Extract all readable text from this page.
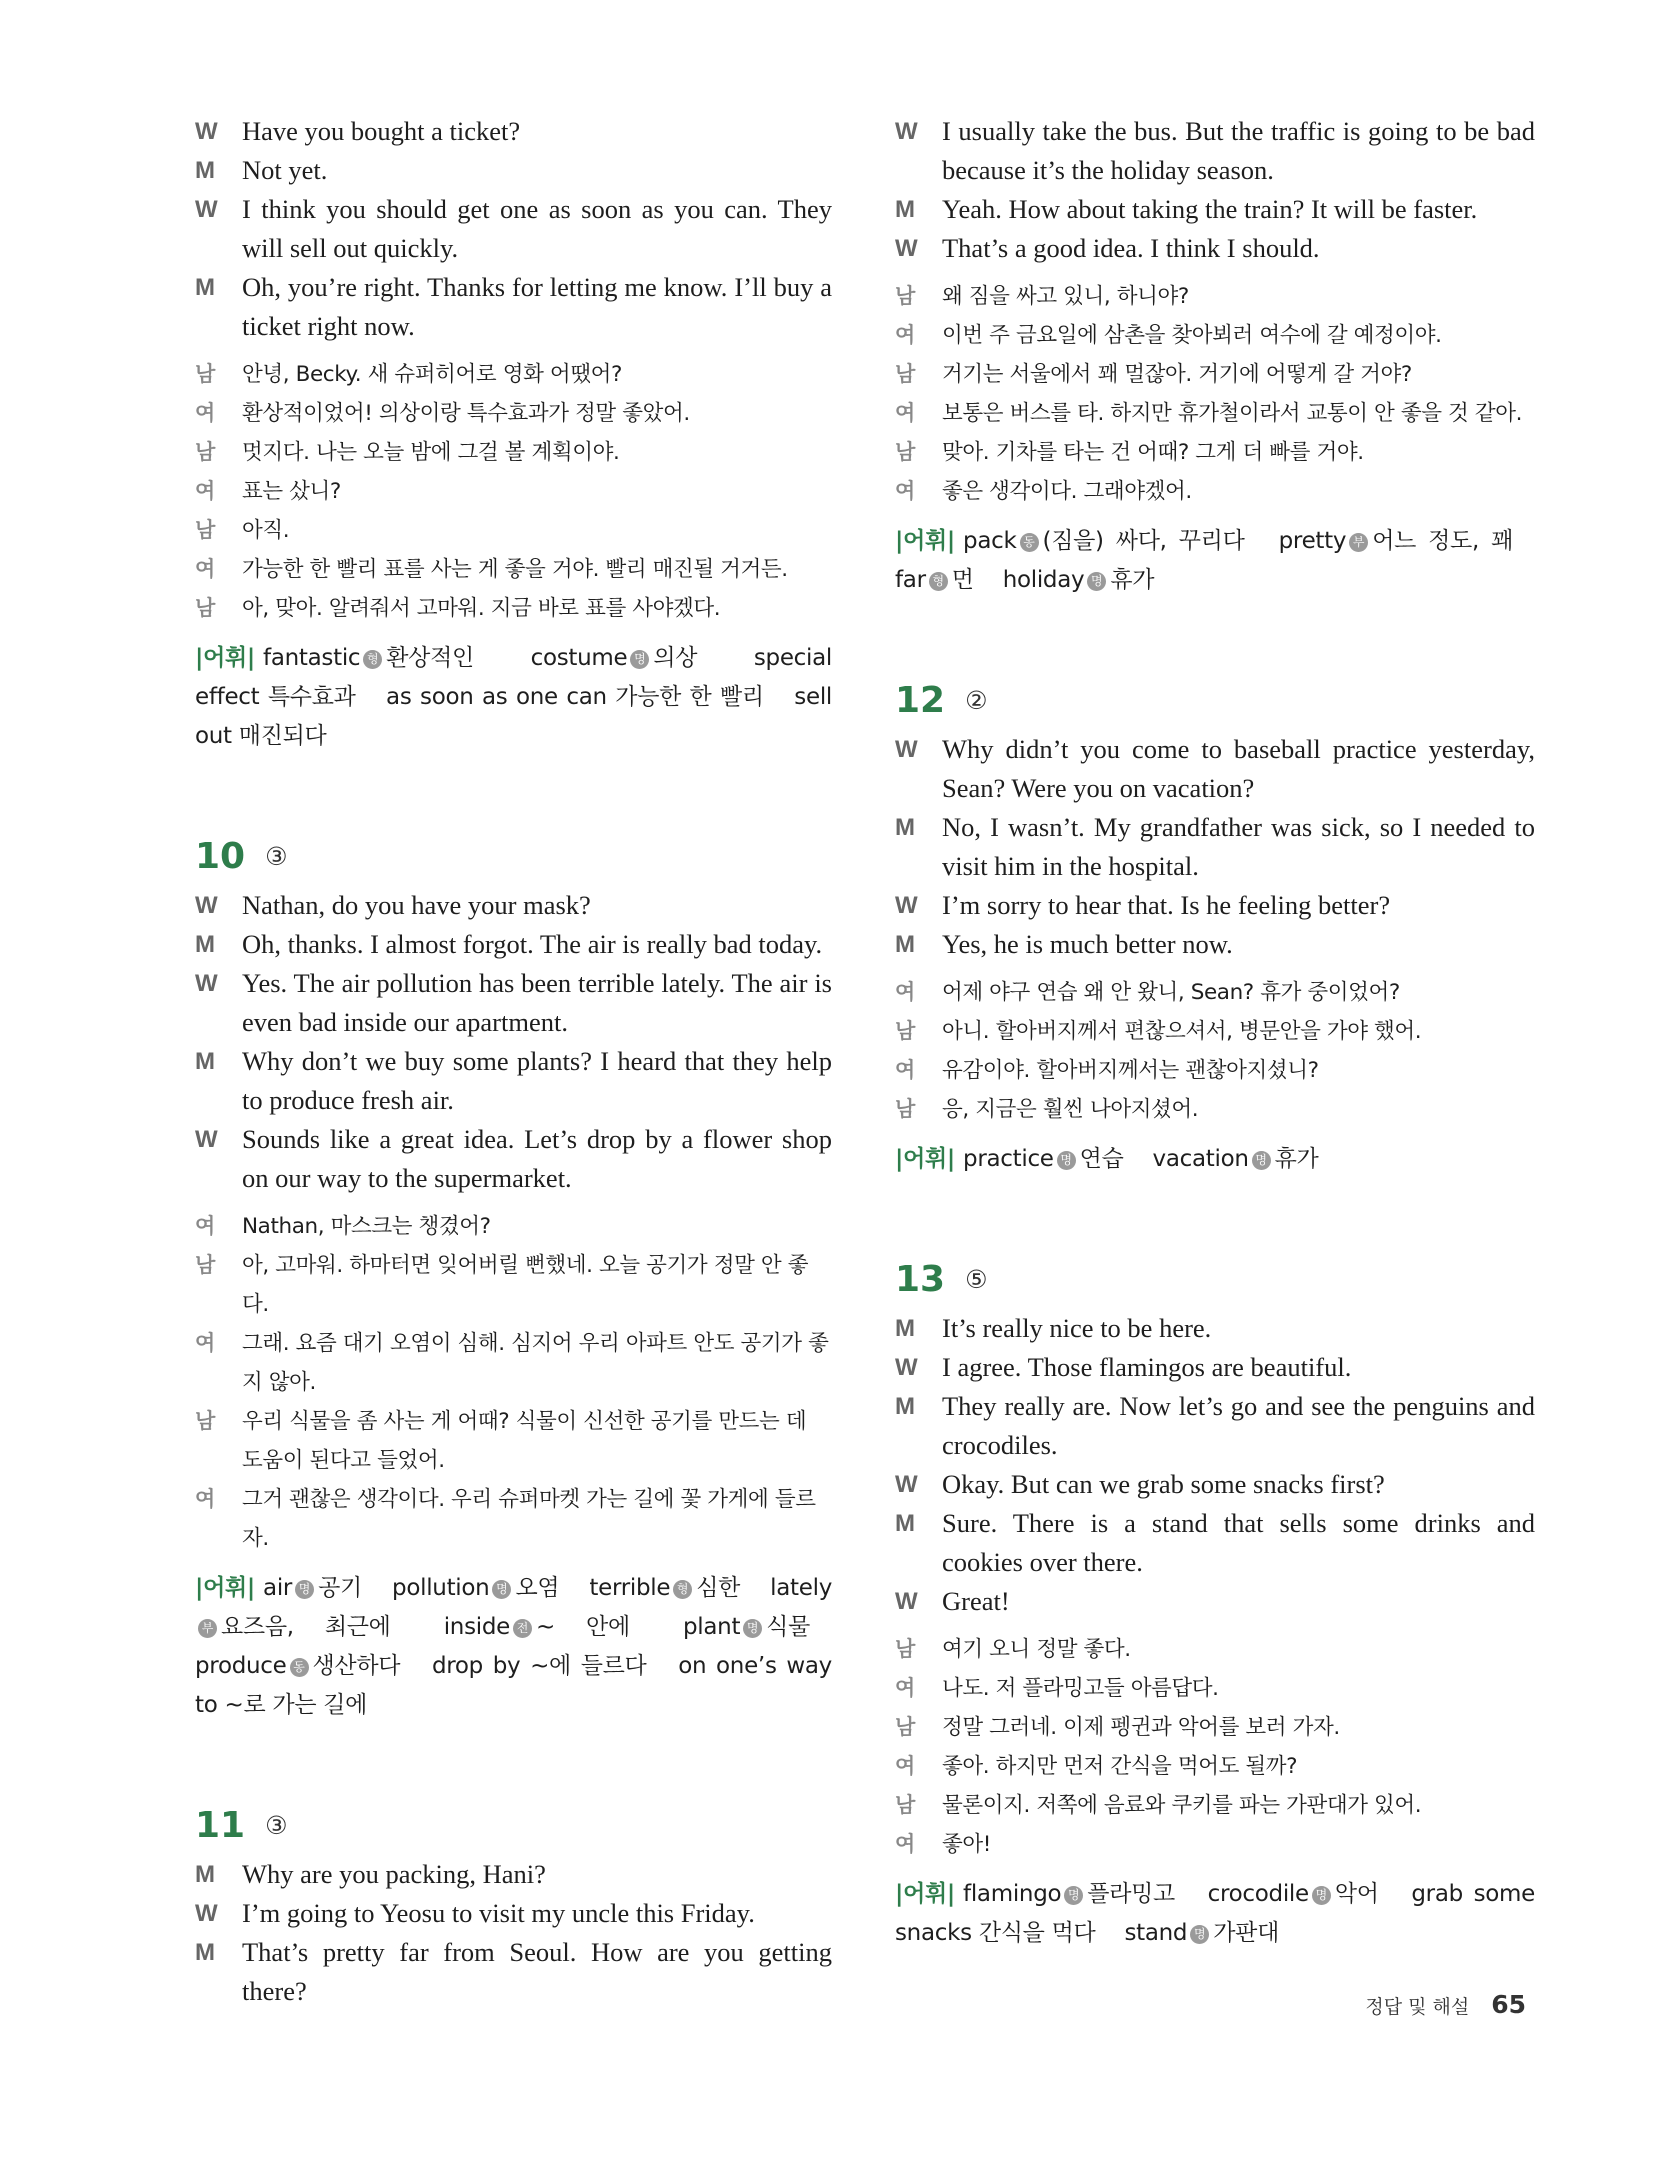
W Have you bought a ticket?
M	Not yet.
W I think you should get one as soon as you can. They will sell out quickly.
M	Oh, you’re right. Thanks for letting me know. I’ll buy a ticket right now.
남	안녕, Becky. 새 슈퍼히어로 영화 어땠어?
여	환상적이었어! 의상이랑 특수효과가 정말 좋았어.
남	멋지다. 나는 오늘 밤에 그걸 볼 계획이야.
여	표는 샀니?
남	아직.
여	가능한 한 빨리 표를 사는 게 좋을 거야. 빨리 매진될 거거든.
남	아, 맞아. 알려줘서 고마워. 지금 바로 표를 사야겠다.
|어휘| fantastic 형 환상적인 costume 명 의상 special effect 특수효과 as soon as one can 가능한 한 빨리 sell out 매진되다
10 ③
W Nathan, do you have your mask?
M	Oh, thanks. I almost forgot. The air is really bad today.
W Yes. The air pollution has been terrible lately. The air is even bad inside our apartment.
M	Why don’t we buy some plants? I heard that they help to produce fresh air.
W Sounds like a great idea. Let’s drop by a flower shop on our way to the supermarket.
여	Nathan, 마스크는 챙겼어?
남	아, 고마워. 하마터면 잊어버릴 뻔했네. 오늘 공기가 정말 안 좋다.
여	그래. 요즘 대기 오염이 심해. 심지어 우리 아파트 안도 공기가 좋지 않아.
남	우리 식물을 좀 사는 게 어때? 식물이 신선한 공기를 만드는 데 도움이 된다고 들었어.
여	그거 괜찮은 생각이다. 우리 슈퍼마켓 가는 길에 꽃 가게에 들르자.
|어휘| air 명 공기 pollution 명 오염 terrible 형 심한 lately부 요즈음, 최근에 inside 전 ~ 안에 plant 명 식물 produce 동 생산하다 drop by ~에 들르다 on one’s way to ~로 가는 길에
11 ③
M	Why are you packing, Hani?
W I’m going to Yeosu to visit my uncle this Friday.
M	That’s pretty far from Seoul. How are you getting there?
W I usually take the bus. But the traffic is going to be bad because it’s the holiday season.
M	Yeah. How about taking the train? It will be faster.
W That’s a good idea. I think I should.
남	왜 짐을 싸고 있니, 하니야?
여	이번 주 금요일에 삼촌을 찾아뵈러 여수에 갈 예정이야.
남	거기는 서울에서 꽤 멀잖아. 거기에 어떻게 갈 거야?
여	보통은 버스를 타. 하지만 휴가철이라서 교통이 안 좋을 것 같아.
남	맞아. 기차를 타는 건 어때? 그게 더 빠를 거야.
여	좋은 생각이다. 그래야겠어.
|어휘| pack 동 (짐을) 싸다, 꾸리다 pretty 부 어느 정도, 꽤 far 형 먼 holiday 명 휴가
12 ②
W Why didn’t you come to baseball practice yesterday, Sean? Were you on vacation?
M	No, I wasn’t. My grandfather was sick, so I needed to visit him in the hospital.
W I’m sorry to hear that. Is he feeling better?
M	Yes, he is much better now.
여	어제 야구 연습 왜 안 왔니, Sean? 휴가 중이었어?
남	아니. 할아버지께서 편찮으셔서, 병문안을 가야 했어.
여	유감이야. 할아버지께서는 괜찮아지셨니?
남	응, 지금은 훨씬 나아지셨어.
|어휘| practice 명 연습 vacation 명 휴가
13 ⑤
M	It’s really nice to be here.
W I agree. Those flamingos are beautiful.
M	They really are. Now let’s go and see the penguins and crocodiles.
W Okay. But can we grab some snacks first?
M	Sure. There is a stand that sells some drinks and cookies over there.
W Great!
남	여기 오니 정말 좋다.
여	나도. 저 플라밍고들 아름답다.
남	정말 그러네. 이제 펭귄과 악어를 보러 가자.
여	좋아. 하지만 먼저 간식을 먹어도 될까?
남	물론이지. 저쪽에 음료와 쿠키를 파는 가판대가 있어.
여	좋아!
|어휘| flamingo 명 플라밍고 crocodile 명 악어 grab some snacks 간식을 먹다 stand 명 가판대
정답 및 해설 65
